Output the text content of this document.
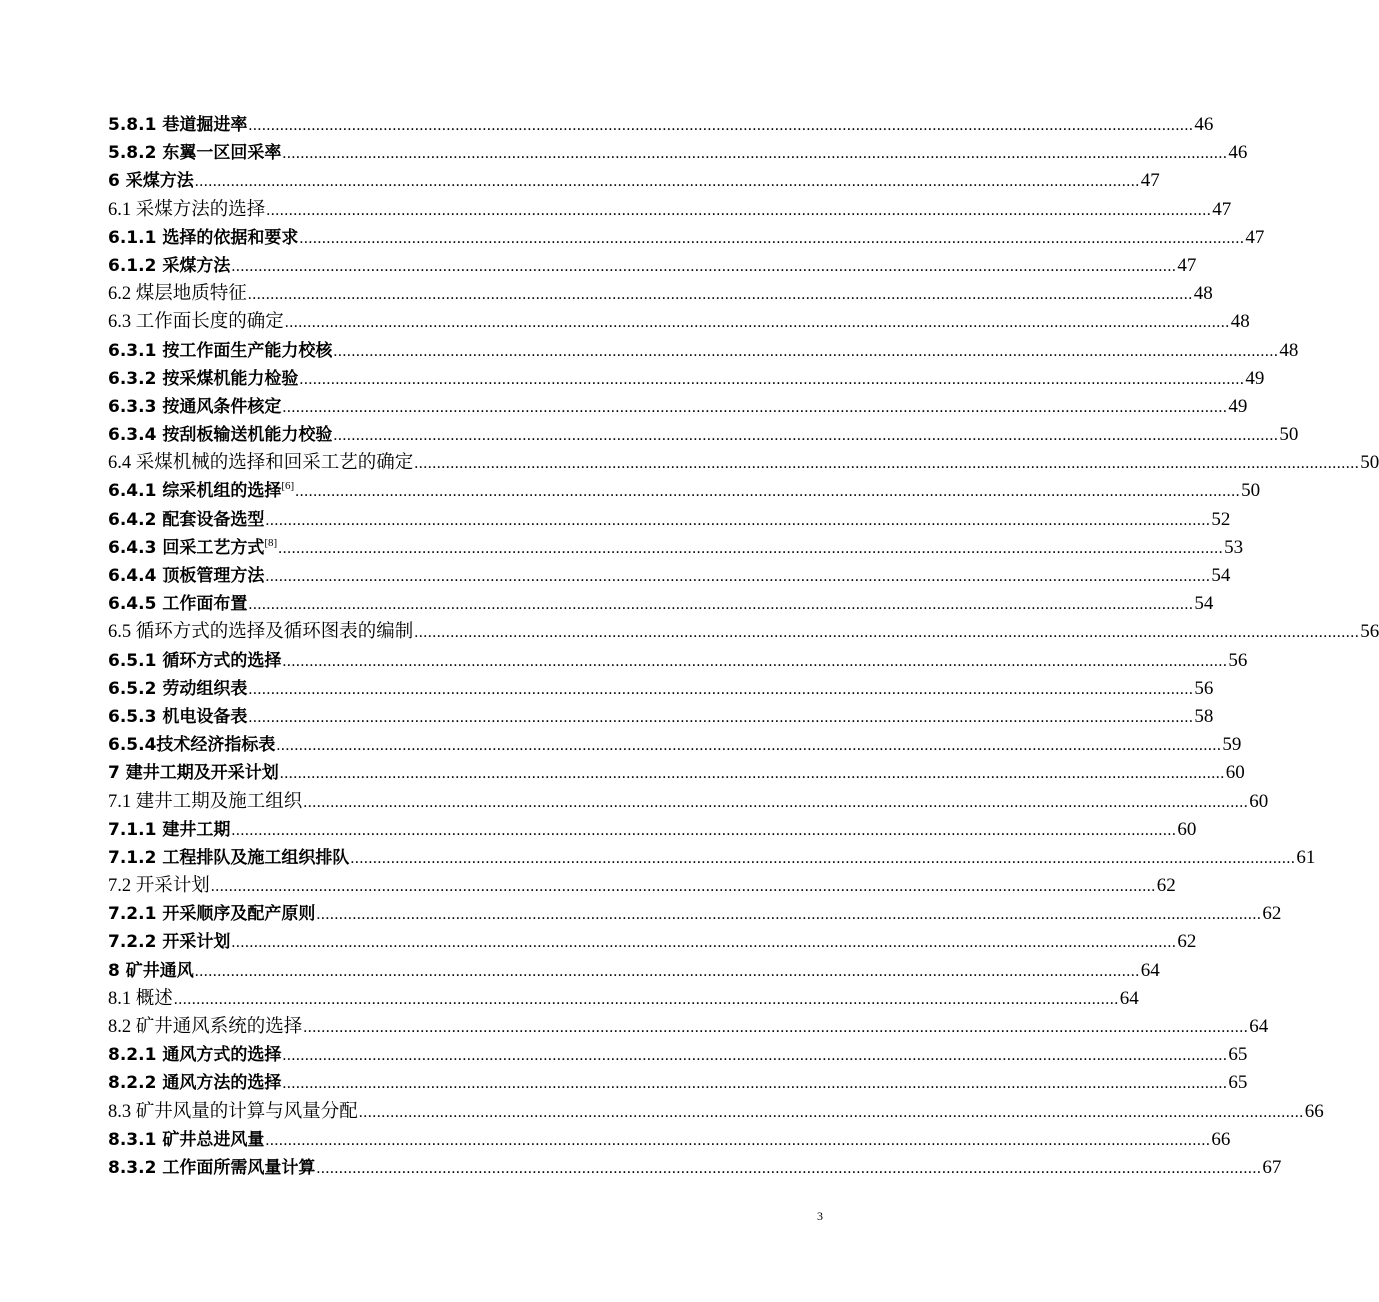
5.8.1 巷道掘进率 .................................................................................................................................................................................................................. 46
5.8.2 东翼一区回采率 .................................................................................................................................................................................................................. 46
6 采煤方法 .................................................................................................................................................................................................................. 47
6.1 采煤方法的选择 .................................................................................................................................................................................................................. 47
6.1.1 选择的依据和要求 .................................................................................................................................................................................................................. 47
6.1.2 采煤方法 .................................................................................................................................................................................................................. 47
6.2 煤层地质特征 .................................................................................................................................................................................................................. 48
6.3 工作面长度的确定 .................................................................................................................................................................................................................. 48
6.3.1 按工作面生产能力校核 .................................................................................................................................................................................................................. 48
6.3.2 按采煤机能力检验 .................................................................................................................................................................................................................. 49
6.3.3 按通风条件核定 .................................................................................................................................................................................................................. 49
6.3.4 按刮板输送机能力校验 .................................................................................................................................................................................................................. 50
6.4 采煤机械的选择和回采工艺的确定 .................................................................................................................................................................................................................. 50
6.4.1 综采机组的选择[6] .................................................................................................................................................................................................................. 50
6.4.2 配套设备选型 .................................................................................................................................................................................................................. 52
6.4.3 回采工艺方式[8] .................................................................................................................................................................................................................. 53
6.4.4 顶板管理方法 .................................................................................................................................................................................................................. 54
6.4.5 工作面布置 .................................................................................................................................................................................................................. 54
6.5 循环方式的选择及循环图表的编制 .................................................................................................................................................................................................................. 56
6.5.1 循环方式的选择 .................................................................................................................................................................................................................. 56
6.5.2 劳动组织表 .................................................................................................................................................................................................................. 56
6.5.3 机电设备表 .................................................................................................................................................................................................................. 58
6.5.4技术经济指标表 .................................................................................................................................................................................................................. 59
7 建井工期及开采计划 .................................................................................................................................................................................................................. 60
7.1 建井工期及施工组织 .................................................................................................................................................................................................................. 60
7.1.1 建井工期 .................................................................................................................................................................................................................. 60
7.1.2 工程排队及施工组织排队 .................................................................................................................................................................................................................. 61
7.2 开采计划 .................................................................................................................................................................................................................. 62
7.2.1 开采顺序及配产原则 .................................................................................................................................................................................................................. 62
7.2.2 开采计划 .................................................................................................................................................................................................................. 62
8 矿井通风 .................................................................................................................................................................................................................. 64
8.1 概述 .................................................................................................................................................................................................................. 64
8.2 矿井通风系统的选择 .................................................................................................................................................................................................................. 64
8.2.1 通风方式的选择 .................................................................................................................................................................................................................. 65
8.2.2 通风方法的选择 .................................................................................................................................................................................................................. 65
8.3 矿井风量的计算与风量分配 .................................................................................................................................................................................................................. 66
8.3.1 矿井总进风量 .................................................................................................................................................................................................................. 66
8.3.2 工作面所需风量计算 .................................................................................................................................................................................................................. 67
3
